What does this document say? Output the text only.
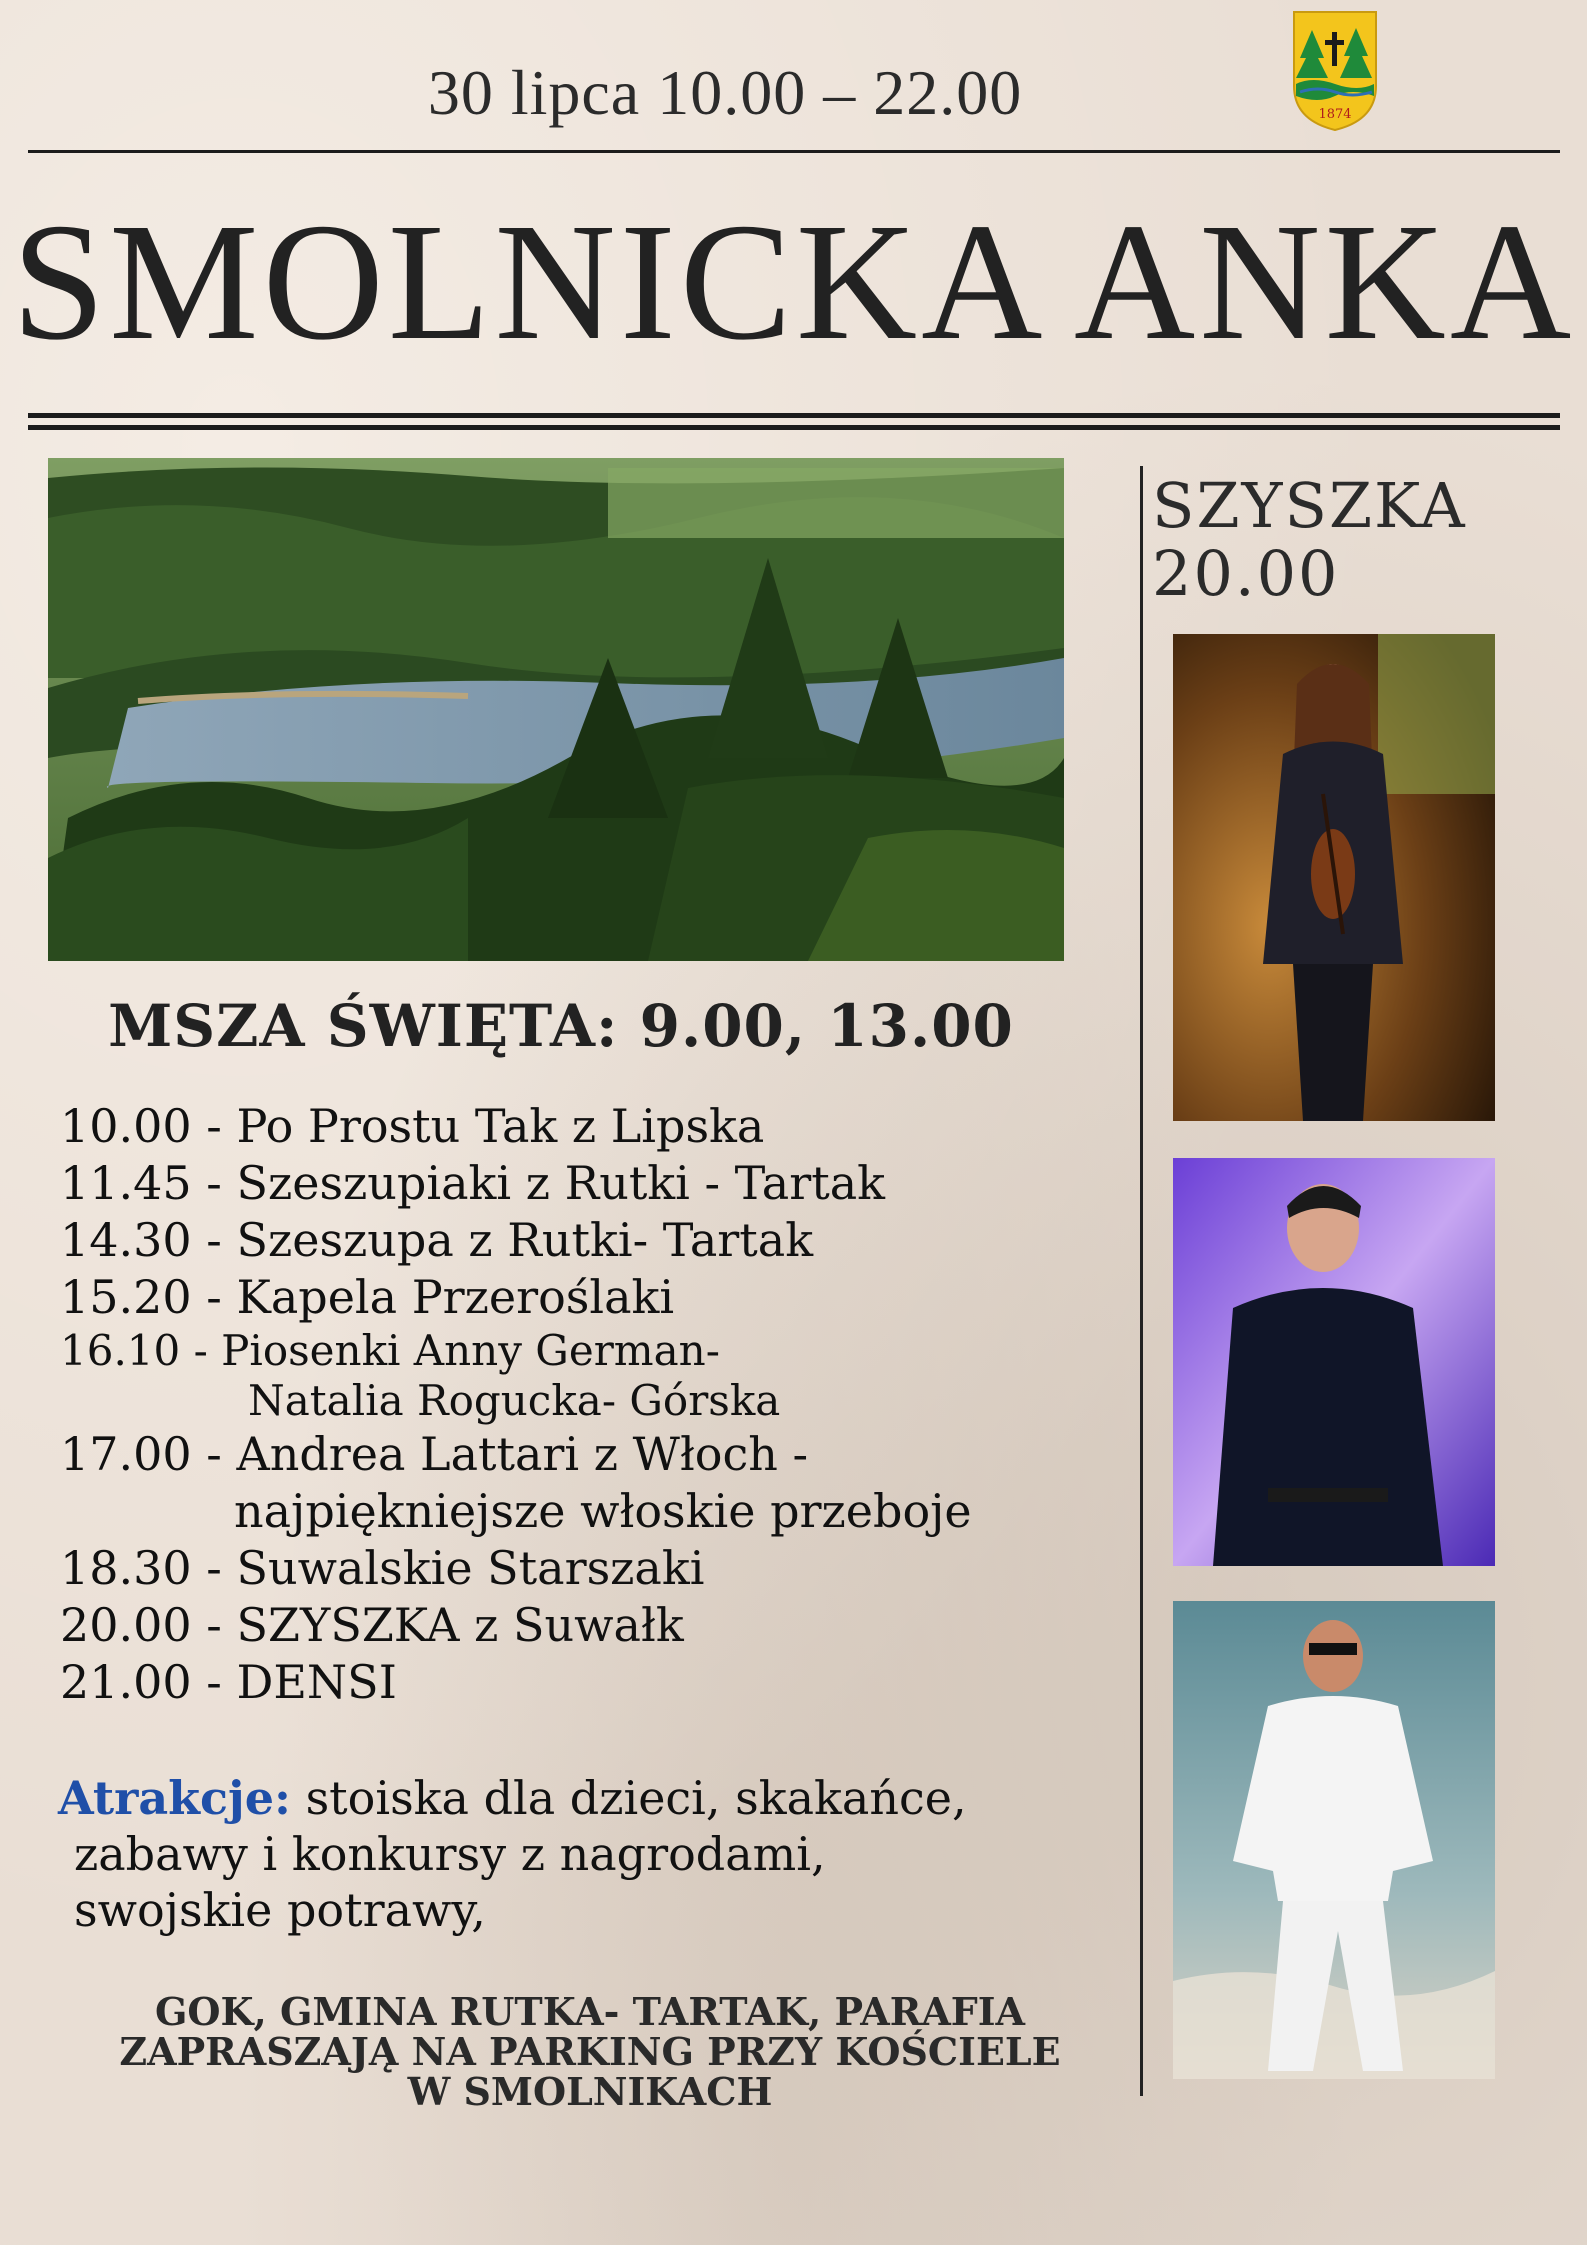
30 lipca 10.00 – 22.00	1874
SMOLNICKA ANKA
SZYSZKA
20.00
MSZA ŚWIĘTA: 9.00, 13.00
10.00 - Po Prostu Tak z Lipska
11.45 - Szeszupiaki z Rutki - Tartak
14.30 - Szeszupa z Rutki- Tartak
15.20 - Kapela Przeroślaki
16.10 - Piosenki Anny German-
Natalia Rogucka- Górska
17.00 - Andrea Lattari z Włoch -
najpiękniejsze włoskie przeboje
18.30 - Suwalskie Starszaki
20.00 - SZYSZKA z Suwałk
21.00 - DENSI
Atrakcje: stoiska dla dzieci, skakańce,
zabawy i konkursy z nagrodami,
swojskie potrawy,
GOK, GMINA RUTKA- TARTAK, PARAFIA
ZAPRASZAJĄ NA PARKING PRZY KOŚCIELE
W SMOLNIKACH
